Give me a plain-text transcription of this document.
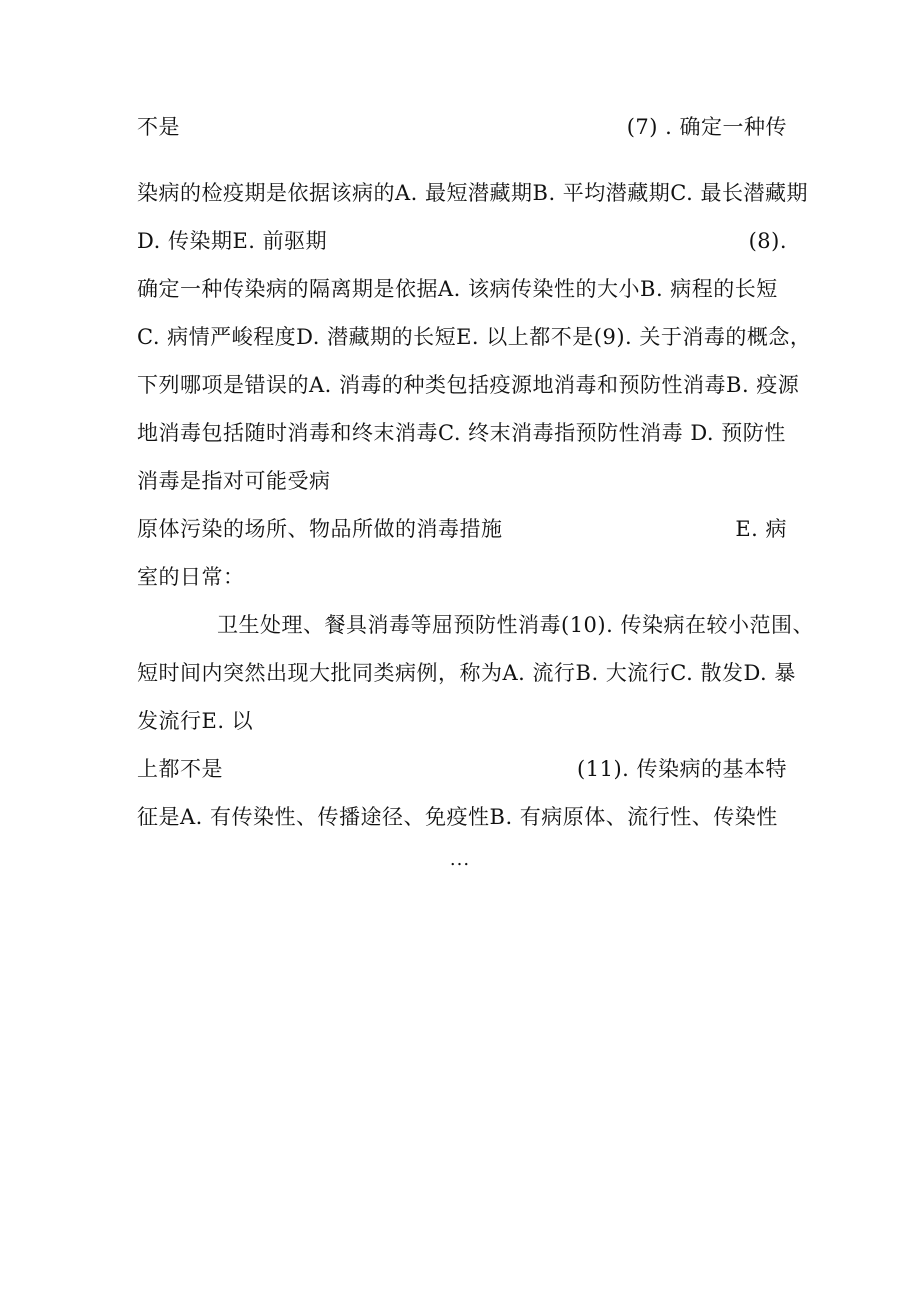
不是	(7) . 确定一种传
染病的检疫期是依据该病的A. 最短潜藏期B. 平均潜藏期C. 最长潜藏期
D. 传染期E. 前驱期	(8).
确定一种传染病的隔离期是依据Α. 该病传染性的大小B. 病程的长短
C. 病情严峻程度D. 潜藏期的长短E. 以上都不是(9). 关于消毒的概念，
下列哪项是错误的A. 消毒的种类包括疫源地消毒和预防性消毒B. 疫源
地消毒包括随时消毒和终末消毒C. 终末消毒指预防性消毒 D. 预防性
消毒是指对可能受病
原体污染的场所、物品所做的消毒措施	E. 病
室的日常：
卫生处理、餐具消毒等屈预防性消毒(10). 传染病在较小范围、
短时间内突然出现大批同类病例，称为Α. 流行B. 大流行C. 散发D. 暴
发流行E. 以
上都不是	(11). 传染病的基本特
征是A. 有传染性、传播途径、免疫性B. 有病原体、流行性、传染性
...
